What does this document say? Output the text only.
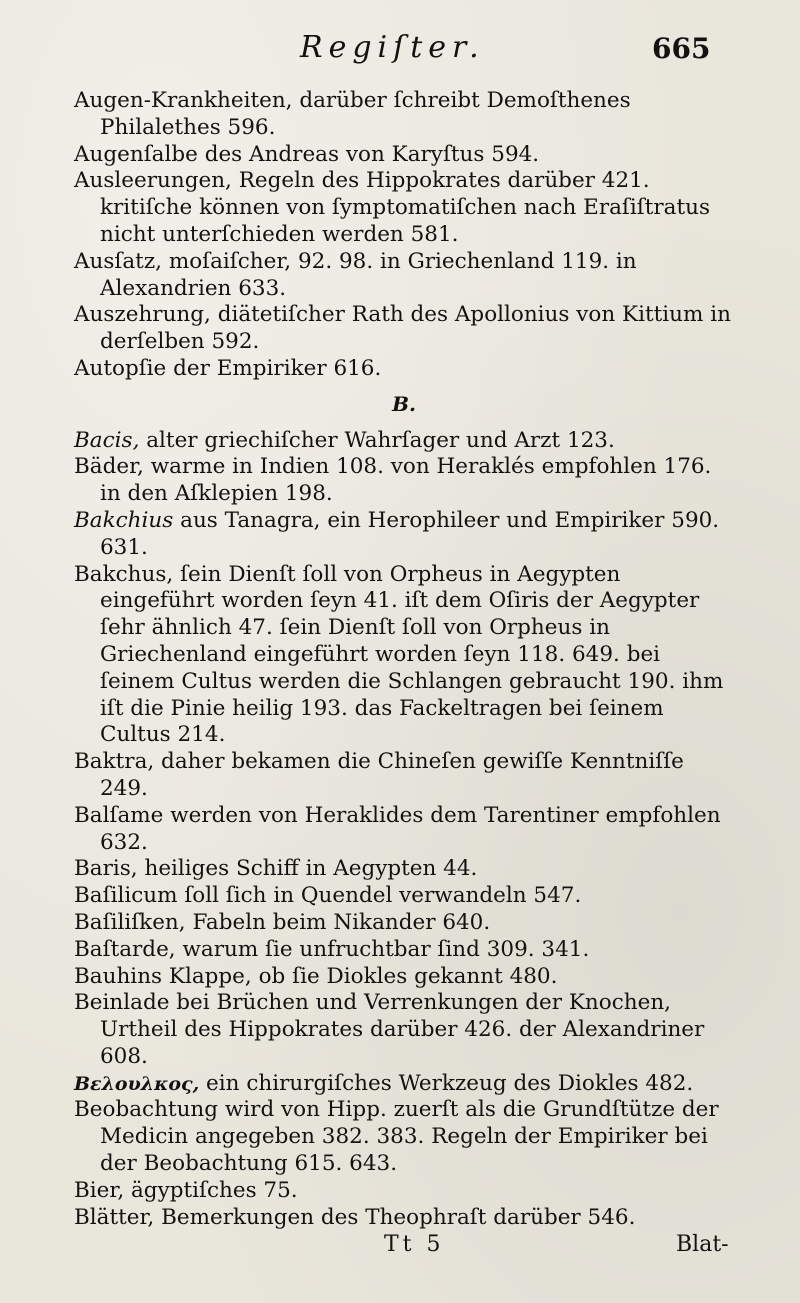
Regiſter.	665

Augen-Krankheiten, darüber ſchreibt Demoſthenes Philalethes 596.

Augenſalbe des Andreas von Karyſtus 594.

Ausleerungen, Regeln des Hippokrates darüber 421. kritiſche können von ſymptomatiſchen nach Eraſiſtratus nicht unterſchieden werden 581.

Ausſatz, moſaiſcher, 92. 98. in Griechenland 119. in Alexandrien 633.

Auszehrung, diätetiſcher Rath des Apollonius von Kittium in derſelben 592.

Autopſie der Empiriker 616.

B.

Bacis, alter griechiſcher Wahrſager und Arzt 123.

Bäder, warme in Indien 108. von Heraklés empfohlen 176. in den Aſklepien 198.

Bakchius aus Tanagra, ein Herophileer und Empiriker 590. 631.

Bakchus, ſein Dienſt ſoll von Orpheus in Aegypten eingeführt worden ſeyn 41. iſt dem Oſiris der Aegypter ſehr ähnlich 47. ſein Dienſt ſoll von Orpheus in Griechenland eingeführt worden ſeyn 118. 649. bei ſeinem Cultus werden die Schlangen gebraucht 190. ihm iſt die Pinie heilig 193. das Fackeltragen bei ſeinem Cultus 214.

Baktra, daher bekamen die Chineſen gewiſſe Kenntniſſe 249.

Balſame werden von Heraklides dem Tarentiner empfohlen 632.

Baris, heiliges Schiff in Aegypten 44.

Baſilicum ſoll ſich in Quendel verwandeln 547.

Baſiliſken, Fabeln beim Nikander 640.

Baſtarde, warum ſie unfruchtbar ſind 309. 341.

Bauhins Klappe, ob ſie Diokles gekannt 480.

Beinlade bei Brüchen und Verrenkungen der Knochen, Urtheil des Hippokrates darüber 426. der Alexandriner 608.

Βελουλκος, ein chirurgiſches Werkzeug des Diokles 482.

Beobachtung wird von Hipp. zuerſt als die Grundſtütze der Medicin angegeben 382. 383. Regeln der Empiriker bei der Beobachtung 615. 643.

Bier, ägyptiſches 75.

Blätter, Bemerkungen des Theophraſt darüber 546.

Tt 5	Blat-
